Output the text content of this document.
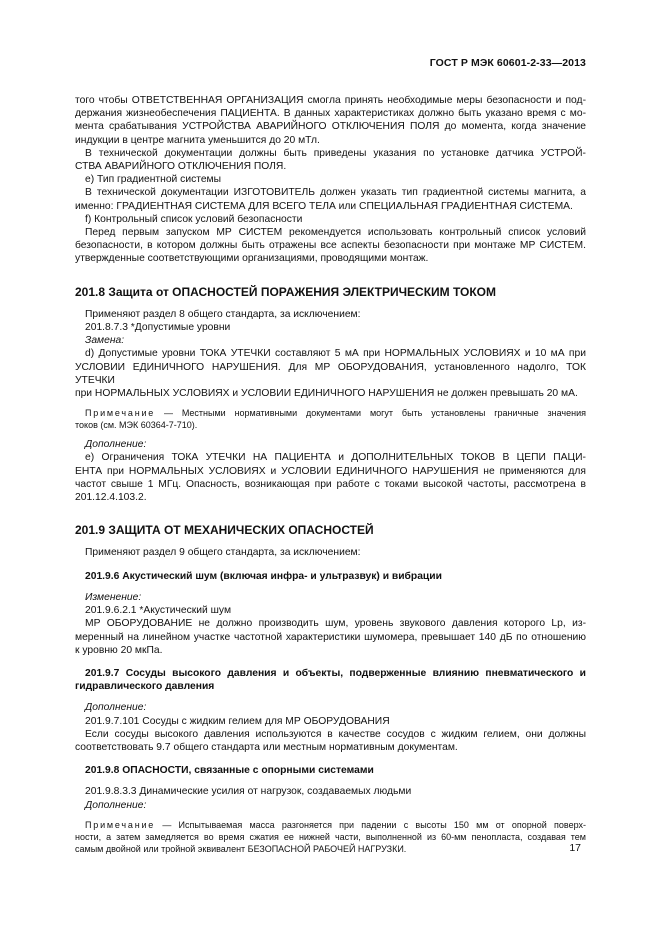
ГОСТ Р МЭК 60601-2-33—2013

того чтобы ОТВЕТСТВЕННАЯ ОРГАНИЗАЦИЯ смогла принять необходимые меры безопасности и под-

держания жизнеобеспечения ПАЦИЕНТА. В данных характеристиках должно быть указано время с мо-

мента срабатывания УСТРОЙСТВА АВАРИЙНОГО ОТКЛЮЧЕНИЯ ПОЛЯ до момента, когда значение

индукции в центре магнита уменьшится до 20 мТл.

В технической документации должны быть приведены указания по установке датчика УСТРОЙ-

СТВА АВАРИЙНОГО ОТКЛЮЧЕНИЯ ПОЛЯ.

e) Тип градиентной системы

В технической документации ИЗГОТОВИТЕЛЬ должен указать тип градиентной системы магнита, а

именно: ГРАДИЕНТНАЯ СИСТЕМА ДЛЯ ВСЕГО ТЕЛА или СПЕЦИАЛЬНАЯ ГРАДИЕНТНАЯ СИСТЕМА.

f) Контрольный список условий безопасности

Перед первым запуском МР СИСТЕМ рекомендуется использовать контрольный список условий

безопасности, в котором должны быть отражены все аспекты безопасности при монтаже МР СИСТЕМ.

утвержденные соответствующими организациями, проводящими монтаж.

201.8 Защита от ОПАСНОСТЕЙ ПОРАЖЕНИЯ ЭЛЕКТРИЧЕСКИМ ТОКОМ

Применяют раздел 8 общего стандарта, за исключением:

201.8.7.3 *Допустимые уровни

Замена:

d) Допустимые уровни ТОКА УТЕЧКИ составляют 5 мА при НОРМАЛЬНЫХ УСЛОВИЯХ и 10 мА при

УСЛОВИИ ЕДИНИЧНОГО НАРУШЕНИЯ. Для МР ОБОРУДОВАНИЯ, установленного надолго, ТОК УТЕЧКИ

при НОРМАЛЬНЫХ УСЛОВИЯХ и УСЛОВИИ ЕДИНИЧНОГО НАРУШЕНИЯ не должен превышать 20 мА.

Примечание — Местными нормативными документами могут быть установлены граничные значения

токов (см. МЭК 60364-7-710).

Дополнение:

e) Ограничения ТОКА УТЕЧКИ НА ПАЦИЕНТА и ДОПОЛНИТЕЛЬНЫХ ТОКОВ В ЦЕПИ ПАЦИ-

ЕНТА при НОРМАЛЬНЫХ УСЛОВИЯХ и УСЛОВИИ ЕДИНИЧНОГО НАРУШЕНИЯ не применяются для

частот свыше 1 МГц. Опасность, возникающая при работе с токами высокой частоты, рассмотрена в

201.12.4.103.2.

201.9 ЗАЩИТА ОТ МЕХАНИЧЕСКИХ ОПАСНОСТЕЙ

Применяют раздел 9 общего стандарта, за исключением:

201.9.6 Акустический шум (включая инфра- и ультразвук) и вибрации

Изменение:

201.9.6.2.1 *Акустический шум

МР ОБОРУДОВАНИЕ не должно производить шум, уровень звукового давления которого Lp, из-

меренный на линейном участке частотной характеристики шумомера, превышает 140 дБ по отношению

к уровню 20 мкПа.

201.9.7 Сосуды высокого давления и объекты, подверженные влиянию пневматического и

гидравлического давления

Дополнение:

201.9.7.101 Сосуды с жидким гелием для МР ОБОРУДОВАНИЯ

Если сосуды высокого давления используются в качестве сосудов с жидким гелием, они должны

соответствовать 9.7 общего стандарта или местным нормативным документам.

201.9.8 ОПАСНОСТИ, связанные с опорными системами

201.9.8.3.3 Динамические усилия от нагрузок, создаваемых людьми

Дополнение:

Примечание — Испытываемая масса разгоняется при падении с высоты 150 мм от опорной поверх-

ности, а затем замедляется во время сжатия ее нижней части, выполненной из 60-мм пенопласта, создавая тем

самым двойной или тройной эквивалент БЕЗОПАСНОЙ РАБОЧЕЙ НАГРУЗКИ.	17
